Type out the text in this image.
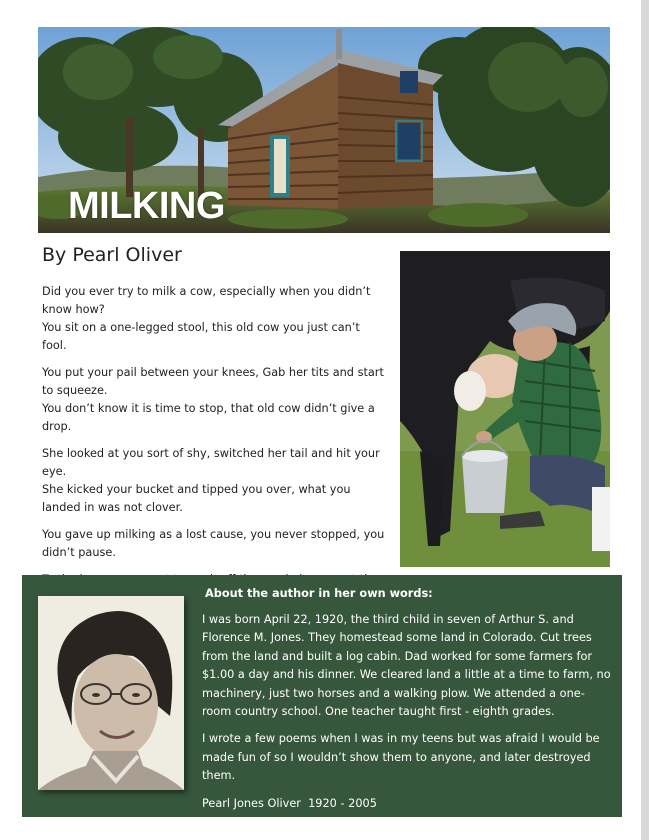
MILKING
By Pearl Oliver
Did you ever try to milk a cow, especially when you didn’t know how?
You sit on a one-legged stool, this old cow you just can’t fool.
You put your pail between your knees, Gab her tits and start to squeeze.
You don’t know it is time to stop, that old cow didn’t give a drop.
She looked at you sort of shy, switched her tail and hit your eye.
She kicked your bucket and tipped you over, what you landed in was not clover.
You gave up milking as a lost cause, you never stopped, you didn’t pause.
About the author in her own words:

I was born April 22, 1920, the third child in seven of Arthur S. and Florence M. Jones. They homestead some land in Colorado. Cut trees from the land and built a log cabin. Dad worked for some farmers for $1.00 a day and his dinner. We cleared land a little at a time to farm, no machinery, just two horses and a walking plow. We attended a one-room country school. One teacher taught first - eighth grades.

I wrote a few poems when I was in my teens but was afraid I would be made fun of so I wouldn’t show them to anyone, and later destroyed them.

Pearl Jones Oliver  1920 - 2005
